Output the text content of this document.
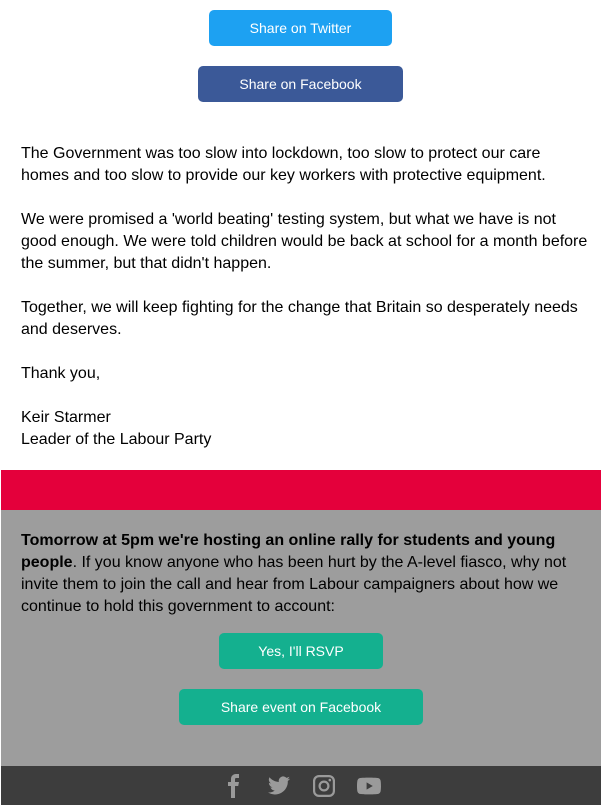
Share on Twitter
Share on Facebook

The Government was too slow into lockdown, too slow to protect our care homes and too slow to provide our key workers with protective equipment.

We were promised a 'world beating' testing system, but what we have is not good enough. We were told children would be back at school for a month before the summer, but that didn't happen.

Together, we will keep fighting for the change that Britain so desperately needs and deserves.

Thank you,

Keir Starmer

Leader of the Labour Party

Tomorrow at 5pm we're hosting an online rally for students and young people. If you know anyone who has been hurt by the A-level fiasco, why not invite them to join the call and hear from Labour campaigners about how we continue to hold this government to account:

Yes, I'll RSVP
Share event on Facebook
